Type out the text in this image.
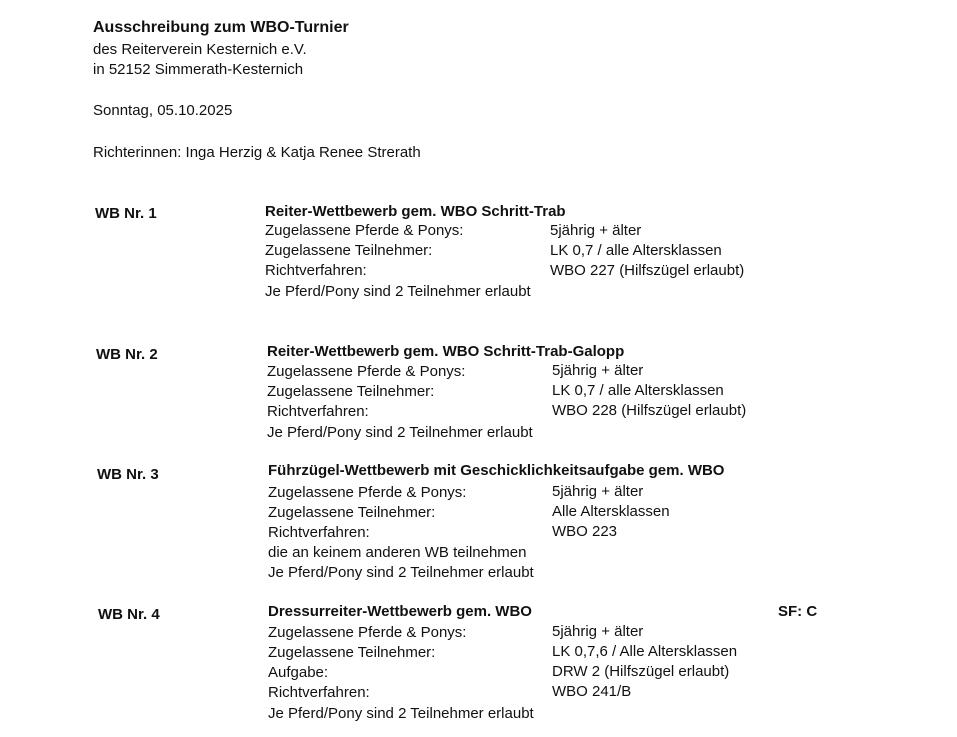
Ausschreibung zum WBO-Turnier
des Reiterverein Kesternich e.V.
in 52152 Simmerath-Kesternich
Sonntag, 05.10.2025
Richterinnen: Inga Herzig & Katja Renee Strerath
WB Nr. 1	Reiter-Wettbewerb gem. WBO Schritt-Trab
Zugelassene Pferde & Ponys:	5jährig + älter
Zugelassene Teilnehmer:	LK 0,7 / alle Altersklassen
Richtverfahren:	WBO 227 (Hilfszügel erlaubt)
Je Pferd/Pony sind 2 Teilnehmer erlaubt
WB Nr. 2	Reiter-Wettbewerb gem. WBO Schritt-Trab-Galopp
Zugelassene Pferde & Ponys:	5jährig + älter
Zugelassene Teilnehmer:	LK 0,7 / alle Altersklassen
Richtverfahren:	WBO 228 (Hilfszügel erlaubt)
Je Pferd/Pony sind 2 Teilnehmer erlaubt
WB Nr. 3	Führzügel-Wettbewerb mit Geschicklichkeitsaufgabe gem. WBO
Zugelassene Pferde & Ponys:	5jährig + älter
Zugelassene Teilnehmer:	Alle Altersklassen
Richtverfahren:	WBO 223
die an keinem anderen WB teilnehmen
Je Pferd/Pony sind 2 Teilnehmer erlaubt
WB Nr. 4	Dressurreiter-Wettbewerb gem. WBO	SF: C
Zugelassene Pferde & Ponys:	5jährig + älter
Zugelassene Teilnehmer:	LK 0,7,6 / Alle Altersklassen
Aufgabe:	DRW 2 (Hilfszügel erlaubt)
Richtverfahren:	WBO 241/B
Je Pferd/Pony sind 2 Teilnehmer erlaubt
